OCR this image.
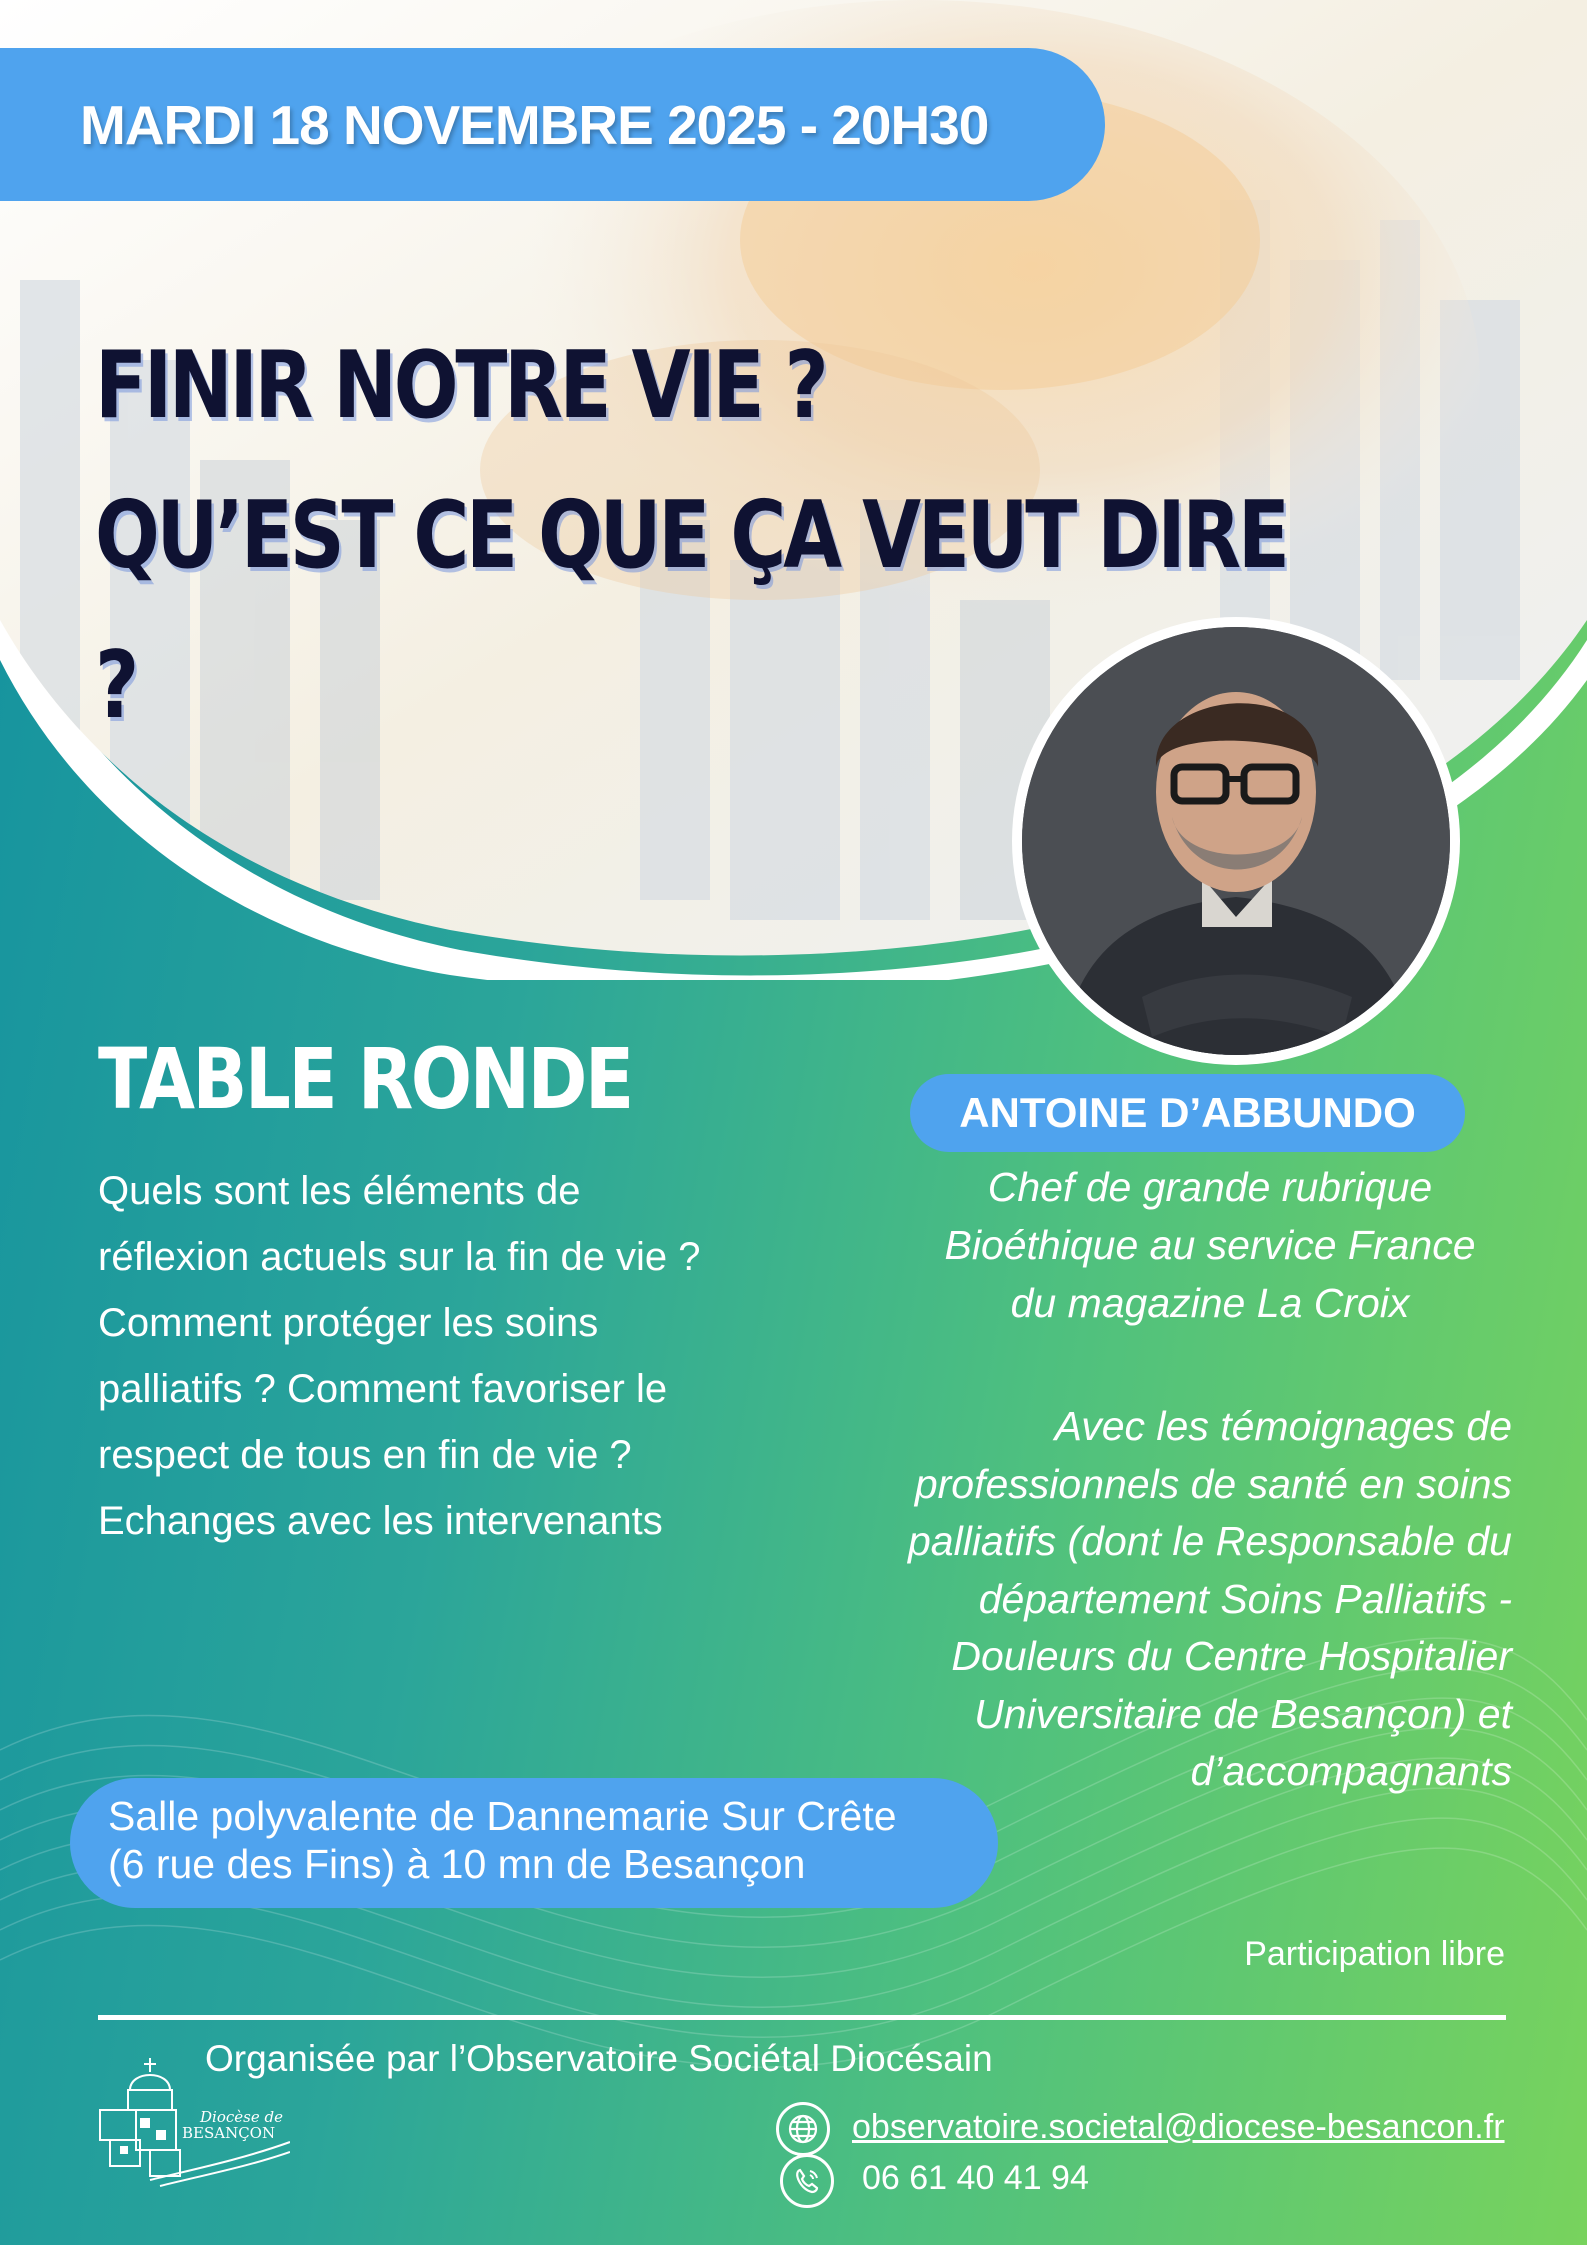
MARDI 18 NOVEMBRE 2025 - 20H30
FINIR NOTRE VIE ?
QU’EST CE QUE ÇA VEUT DIRE ?
TABLE RONDE

Quels sont les éléments de

réflexion actuels sur la fin de vie ?

Comment protéger les soins

palliatifs ? Comment favoriser le

respect de tous en fin de vie ?

Echanges avec les intervenants

ANTOINE D’ABBUNDO
Chef de grande rubrique
Bioéthique au service France
du magazine La Croix
Avec les témoignages de
professionnels de santé en soins
palliatifs (dont le Responsable du
département Soins Palliatifs -
Douleurs du Centre Hospitalier
Universitaire de Besançon) et
d’accompagnants
Salle polyvalente de Dannemarie Sur Crête
(6 rue des Fins) à 10 mn de Besançon
Participation libre
Diocèse de
BESANÇON
Organisée par l’Observatoire Sociétal Diocésain
observatoire.societal@diocese-besancon.fr
06 61 40 41 94
